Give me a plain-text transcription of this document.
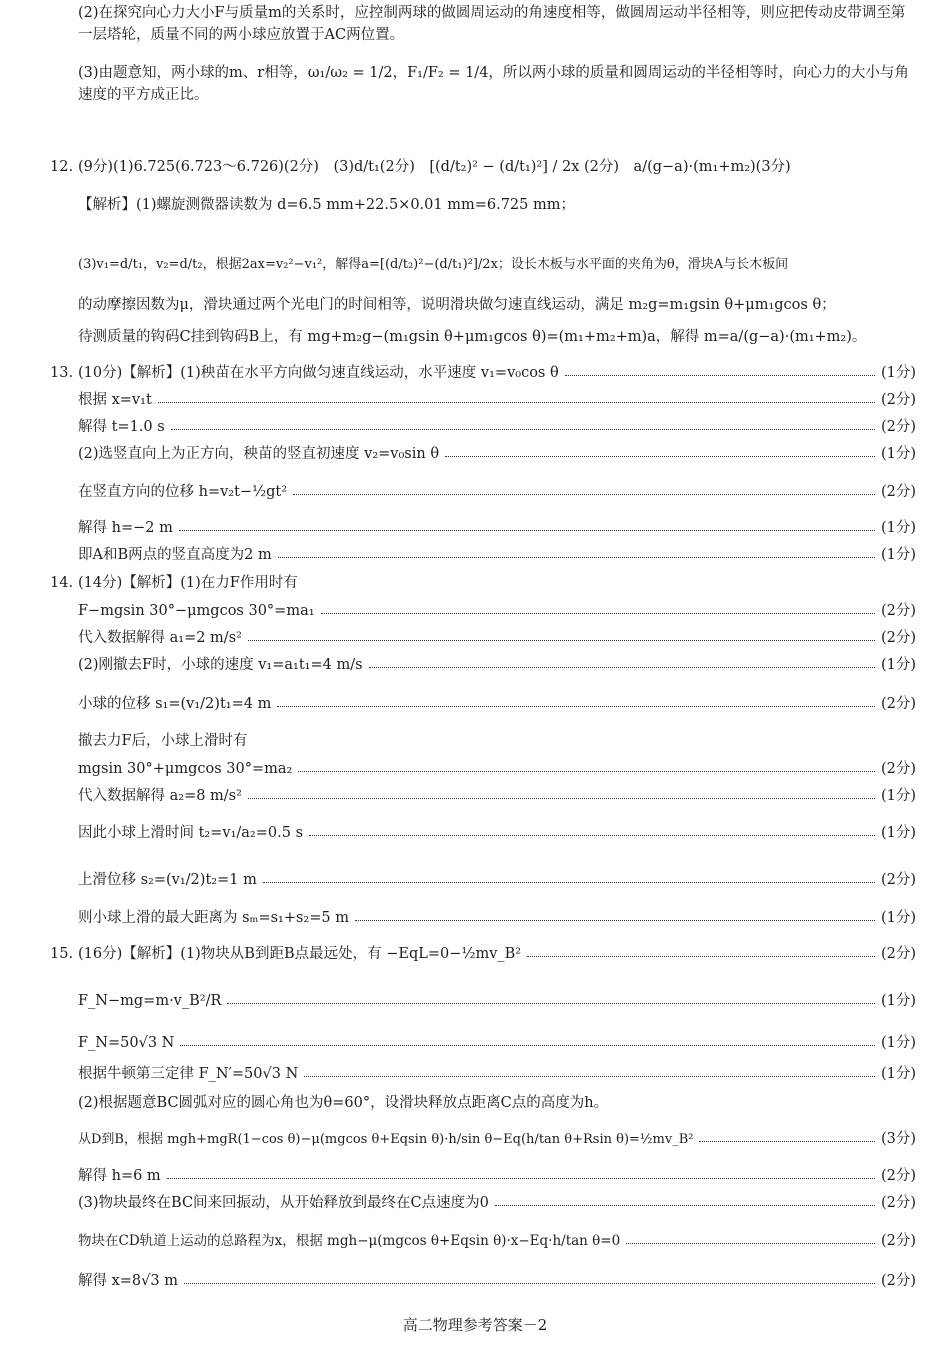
(2)在探究向心力大小F与质量m的关系时，应控制两球的做圆周运动的角速度相等，做圆周运动半径相等，则应把传动皮带调至第一层塔轮，质量不同的两小球应放置于AC两位置。
(3)由题意知，两小球的m、r相等，ω₁/ω₂ = 1/2，F₁/F₂ = 1/4，所以两小球的质量和圆周运动的半径相等时，向心力的大小与角速度的平方成正比。
12. (9分)(1)6.725(6.723～6.726)(2分)　(3)d/t₁(2分)　[(d/t₂)² − (d/t₁)²] / 2x (2分)　a/(g−a)·(m₁+m₂)(3分)
【解析】(1)螺旋测微器读数为 d=6.5 mm+22.5×0.01 mm=6.725 mm；
(3)v₁=d/t₁，v₂=d/t₂，根据2ax=v₂²−v₁²，解得a=[(d/t₂)²−(d/t₁)²]/2x；设长木板与水平面的夹角为θ，滑块A与长木板间
的动摩擦因数为μ，滑块通过两个光电门的时间相等，说明滑块做匀速直线运动，满足 m₂g=m₁gsin θ+μm₁gcos θ；
待测质量的钩码C挂到钩码B上，有 mg+m₂g−(m₁gsin θ+μm₁gcos θ)=(m₁+m₂+m)a，解得 m=a/(g−a)·(m₁+m₂)。
13. (10分)【解析】(1)秧苗在水平方向做匀速直线运动，水平速度 v₁=v₀cos θ	(1分)
根据 x=v₁t	(2分)
解得 t=1.0 s	(2分)
(2)选竖直向上为正方向，秧苗的竖直初速度 v₂=v₀sin θ	(1分)
在竖直方向的位移 h=v₂t−½gt²	(2分)
解得 h=−2 m	(1分)
即A和B两点的竖直高度为2 m	(1分)
14. (14分)【解析】(1)在力F作用时有
F−mgsin 30°−μmgcos 30°=ma₁	(2分)
代入数据解得 a₁=2 m/s²	(2分)
(2)刚撤去F时，小球的速度 v₁=a₁t₁=4 m/s	(1分)
小球的位移 s₁=(v₁/2)t₁=4 m	(2分)
撤去力F后，小球上滑时有
mgsin 30°+μmgcos 30°=ma₂	(2分)
代入数据解得 a₂=8 m/s²	(1分)
因此小球上滑时间 t₂=v₁/a₂=0.5 s	(1分)
上滑位移 s₂=(v₁/2)t₂=1 m	(2分)
则小球上滑的最大距离为 sₘ=s₁+s₂=5 m	(1分)
15. (16分)【解析】(1)物块从B到距B点最远处，有 −EqL=0−½mv_B²	(2分)
F_N−mg=m·v_B²/R	(1分)
F_N=50√3 N	(1分)
根据牛顿第三定律 F_N′=50√3 N	(1分)
(2)根据题意BC圆弧对应的圆心角也为θ=60°，设滑块释放点距离C点的高度为h。
从D到B，根据 mgh+mgR(1−cos θ)−μ(mgcos θ+Eqsin θ)·h/sin θ−Eq(h/tan θ+Rsin θ)=½mv_B²	(3分)
解得 h=6 m	(2分)
(3)物块最终在BC间来回振动，从开始释放到最终在C点速度为0	(2分)
物块在CD轨道上运动的总路程为x，根据 mgh−μ(mgcos θ+Eqsin θ)·x−Eq·h/tan θ=0	(2分)
解得 x=8√3 m	(2分)
高二物理参考答案－2
